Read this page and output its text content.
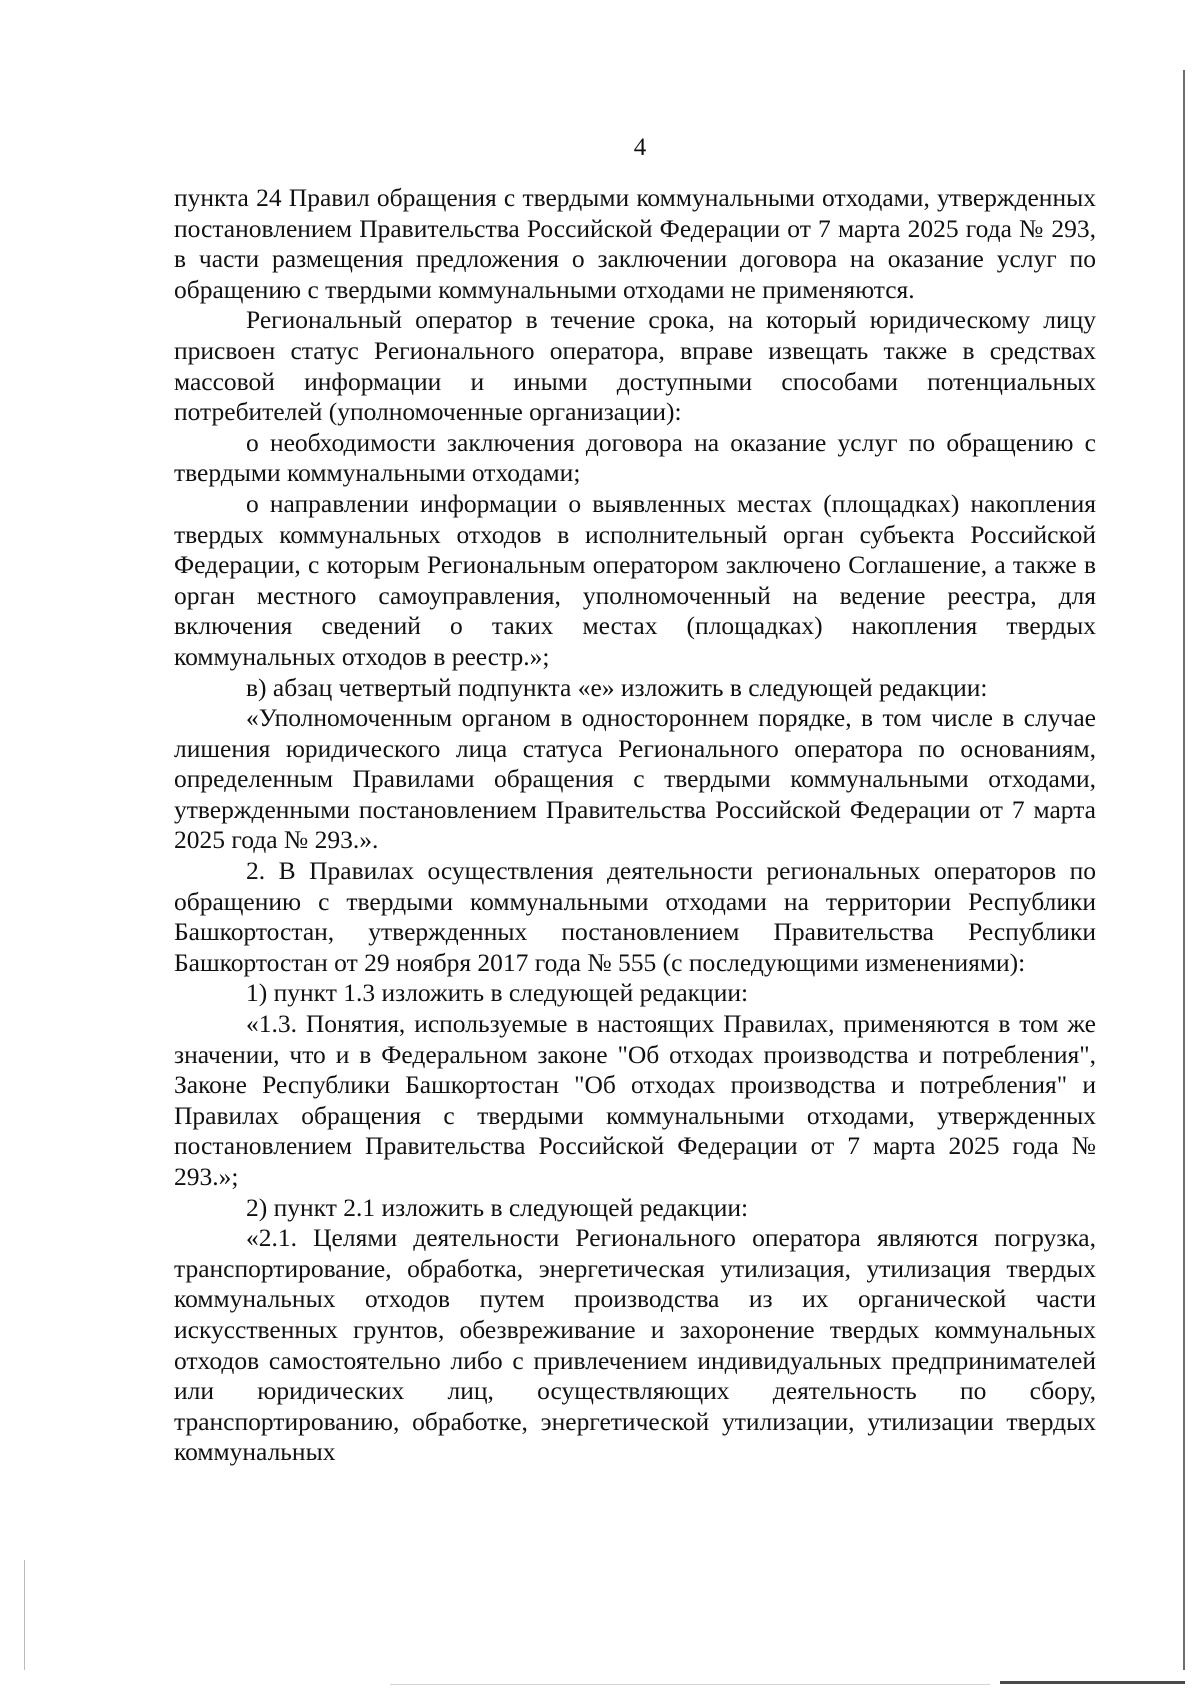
4

пункта 24 Правил обращения с твердыми коммунальными отходами, утвержденных постановлением Правительства Российской Федерации от 7 марта 2025 года № 293, в части размещения предложения о заключении договора на оказание услуг по обращению с твердыми коммунальными отходами не применяются.

Региональный оператор в течение срока, на который юридическому лицу присвоен статус Регионального оператора, вправе извещать также в средствах массовой информации и иными доступными способами потенциальных потребителей (уполномоченные организации):

о необходимости заключения договора на оказание услуг по обращению с твердыми коммунальными отходами;

о направлении информации о выявленных местах (площадках) накопления твердых коммунальных отходов в исполнительный орган субъекта Российской Федерации, с которым Региональным оператором заключено Соглашение, а также в орган местного самоуправления, уполномоченный на ведение реестра, для включения сведений о таких местах (площадках) накопления твердых коммунальных отходов в реестр.»;

в) абзац четвертый подпункта «е» изложить в следующей редакции:

«Уполномоченным органом в одностороннем порядке, в том числе в случае лишения юридического лица статуса Регионального оператора по основаниям, определенным Правилами обращения с твердыми коммунальными отходами, утвержденными постановлением Правительства Российской Федерации от 7 марта 2025 года № 293.».

2. В Правилах осуществления деятельности региональных операторов по обращению с твердыми коммунальными отходами на территории Республики Башкортостан, утвержденных постановлением Правительства Республики Башкортостан от 29 ноября 2017 года № 555 (с последующими изменениями):

1) пункт 1.3 изложить в следующей редакции:

«1.3. Понятия, используемые в настоящих Правилах, применяются в том же значении, что и в Федеральном законе "Об отходах производства и потребления", Законе Республики Башкортостан "Об отходах производства и потребления" и Правилах обращения с твердыми коммунальными отходами, утвержденных постановлением Правительства Российской Федерации от 7 марта 2025 года № 293.»;

2) пункт 2.1 изложить в следующей редакции:

«2.1. Целями деятельности Регионального оператора являются погрузка, транспортирование, обработка, энергетическая утилизация, утилизация твердых коммунальных отходов путем производства из их органической части искусственных грунтов, обезвреживание и захоронение твердых коммунальных отходов самостоятельно либо с привлечением индивидуальных предпринимателей или юридических лиц, осуществляющих деятельность по сбору, транспортированию, обработке, энергетической утилизации, утилизации твердых коммунальных
